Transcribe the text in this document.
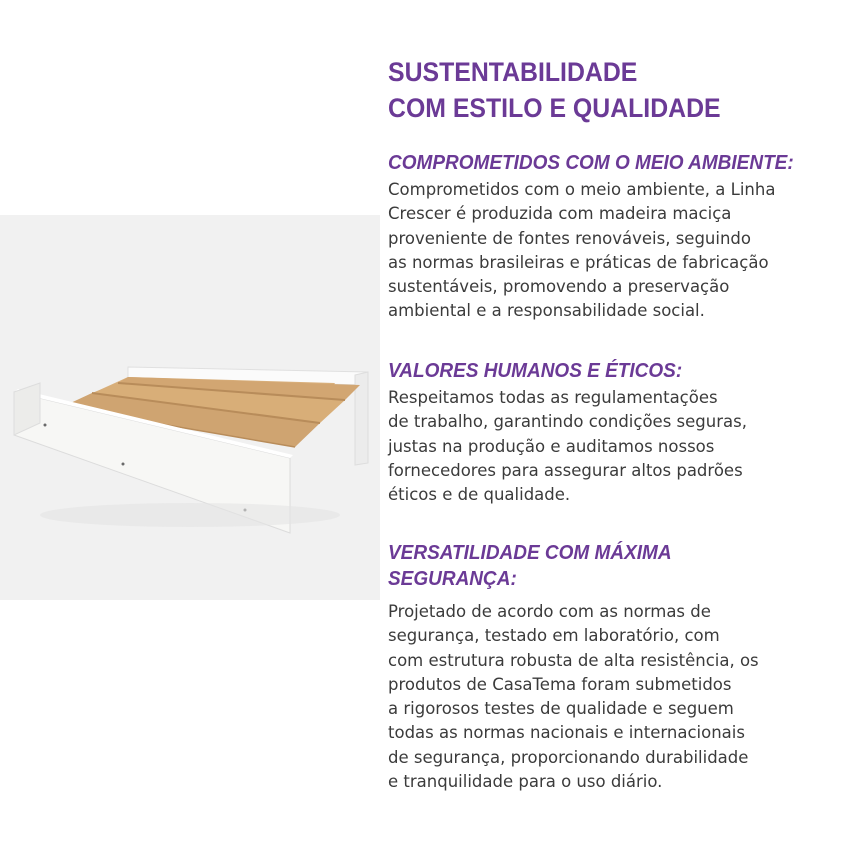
SUSTENTABILIDADE
COM ESTILO E QUALIDADE
COMPROMETIDOS COM O MEIO AMBIENTE:
Comprometidos com o meio ambiente, a Linha
Crescer é produzida com madeira maciça
proveniente de fontes renováveis, seguindo
as normas brasileiras e práticas de fabricação
sustentáveis, promovendo a preservação
ambiental e a responsabilidade social.
VALORES HUMANOS E ÉTICOS:
Respeitamos todas as regulamentações
de trabalho, garantindo condições seguras,
justas na produção e auditamos nossos
fornecedores para assegurar altos padrões
éticos e de qualidade.
VERSATILIDADE COM MÁXIMA
SEGURANÇA:
Projetado de acordo com as normas de
segurança, testado em laboratório, com
com estrutura robusta de alta resistência, os
produtos de CasaTema foram submetidos
a rigorosos testes de qualidade e seguem
todas as normas nacionais e internacionais
de segurança, proporcionando durabilidade
e tranquilidade para o uso diário.
